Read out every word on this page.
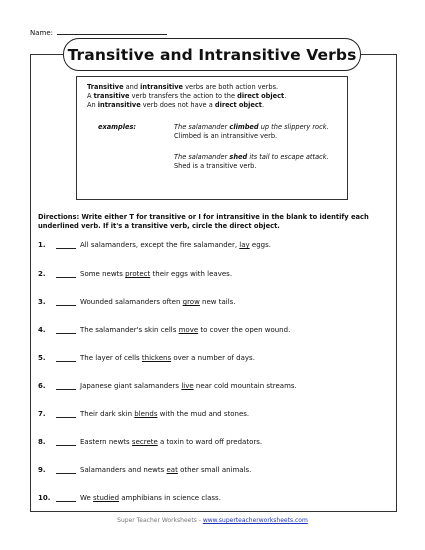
Name:
Transitive and Intransitive Verbs
Transitive and intransitive verbs are both action verbs.
A transitive verb transfers the action to the direct object.
An intransitive verb does not have a direct object.
examples:	The salamander climbed up the slippery rock.
Climbed is an intransitive verb.
The salamander shed its tail to escape attack.
Shed is a transitive verb.
Directions: Write either T for transitive or I for intransitive in the blank to identify each underlined verb. If it's a transitive verb, circle the direct object.
1.	All salamanders, except the fire salamander, lay eggs.
2.	Some newts protect their eggs with leaves.
3.	Wounded salamanders often grow new tails.
4.	The salamander's skin cells move to cover the open wound.
5.	The layer of cells thickens over a number of days.
6.	Japanese giant salamanders live near cold mountain streams.
7.	Their dark skin blends with the mud and stones.
8.	Eastern newts secrete a toxin to ward off predators.
9.	Salamanders and newts eat other small animals.
10.	We studied amphibians in science class.
Super Teacher Worksheets - www.superteacherworksheets.com
